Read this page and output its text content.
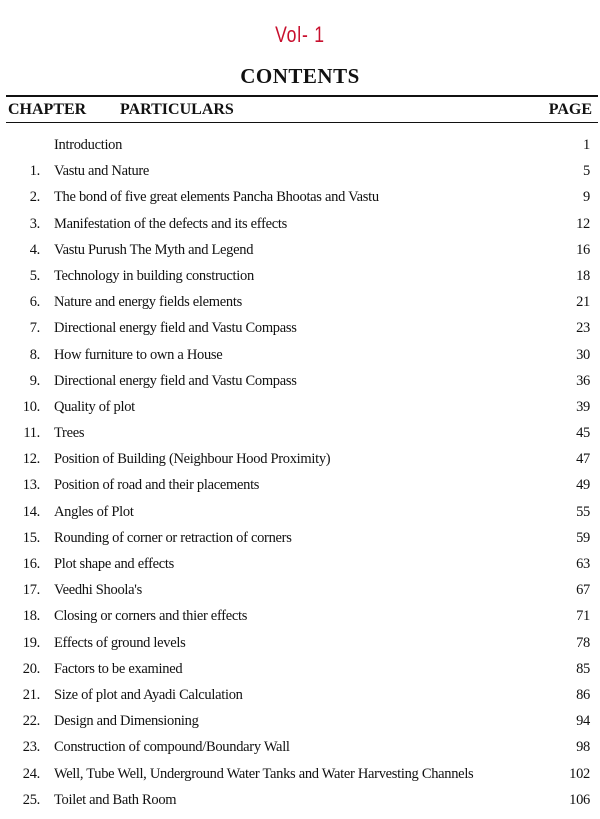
Vol- 1
CONTENTS
CHAPTER PARTICULARS	PAGE
Introduction	1
1. Vastu and Nature	5
2. The bond of five great elements Pancha Bhootas and Vastu	9
3. Manifestation of the defects and its effects	12
4. Vastu Purush The Myth and Legend	16
5. Technology in building construction	18
6. Nature and energy fields elements	21
7. Directional energy field and Vastu Compass	23
8. How furniture to own a House	30
9. Directional energy field and Vastu Compass	36
10. Quality of plot	39
11. Trees	45
12. Position of Building (Neighbour Hood Proximity)	47
13. Position of road and their placements	49
14. Angles of Plot	55
15. Rounding of corner or retraction of corners	59
16. Plot shape and effects	63
17. Veedhi Shoola's	67
18. Closing or corners and thier effects	71
19. Effects of ground levels	78
20. Factors to be examined	85
21. Size of plot and Ayadi Calculation	86
22. Design and Dimensioning	94
23. Construction of compound/Boundary Wall	98
24. Well, Tube Well, Underground Water Tanks and Water Harvesting Channels	102
25. Toilet and Bath Room	106
